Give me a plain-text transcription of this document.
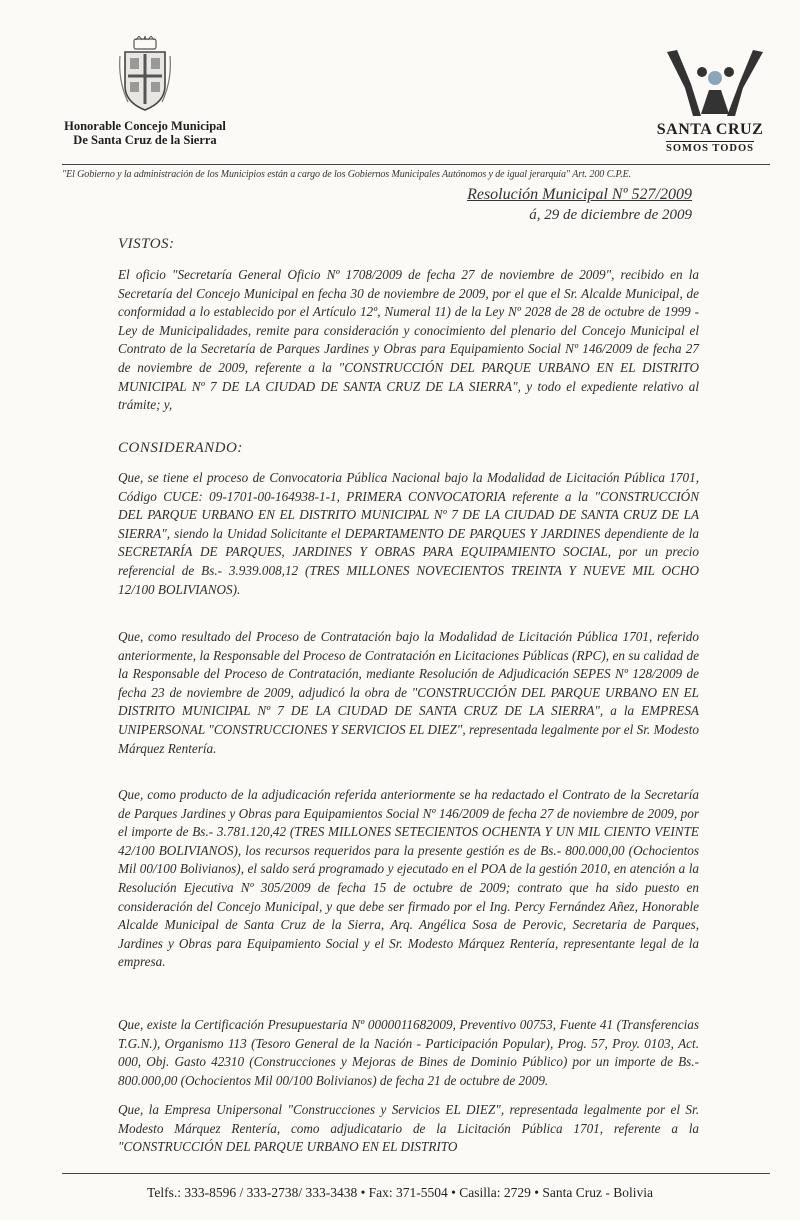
Honorable Concejo Municipal
De Santa Cruz de la Sierra
SANTA CRUZ
SOMOS TODOS
"El Gobierno y la administración de los Municipios están a cargo de los Gobiernos Municipales Autónomos y de igual jerarquía" Art. 200 C.P.E.
Resolución Municipal Nº 527/2009
á, 29 de diciembre de 2009
VISTOS:

El oficio "Secretaría General Oficio Nº 1708/2009 de fecha 27 de noviembre de 2009", recibido en la Secretaría del Concejo Municipal en fecha 30 de noviembre de 2009, por el que el Sr. Alcalde Municipal, de conformidad a lo establecido por el Artículo 12º, Numeral 11) de la Ley Nº 2028 de 28 de octubre de 1999 - Ley de Municipalidades, remite para consideración y conocimiento del plenario del Concejo Municipal el Contrato de la Secretaría de Parques Jardines y Obras para Equipamiento Social Nº 146/2009 de fecha 27 de noviembre de 2009, referente a la "CONSTRUCCIÓN DEL PARQUE URBANO EN EL DISTRITO MUNICIPAL Nº 7 DE LA CIUDAD DE SANTA CRUZ DE LA SIERRA", y todo el expediente relativo al trámite; y,

CONSIDERANDO:

Que, se tiene el proceso de Convocatoria Pública Nacional bajo la Modalidad de Licitación Pública 1701, Código CUCE: 09-1701-00-164938-1-1, PRIMERA CONVOCATORIA referente a la "CONSTRUCCIÓN DEL PARQUE URBANO EN EL DISTRITO MUNICIPAL Nº 7 DE LA CIUDAD DE SANTA CRUZ DE LA SIERRA", siendo la Unidad Solicitante el DEPARTAMENTO DE PARQUES Y JARDINES dependiente de la SECRETARÍA DE PARQUES, JARDINES Y OBRAS PARA EQUIPAMIENTO SOCIAL, por un precio referencial de Bs.- 3.939.008,12 (TRES MILLONES NOVECIENTOS TREINTA Y NUEVE MIL OCHO 12/100 BOLIVIANOS).

Que, como resultado del Proceso de Contratación bajo la Modalidad de Licitación Pública 1701, referido anteriormente, la Responsable del Proceso de Contratación en Licitaciones Públicas (RPC), en su calidad de la Responsable del Proceso de Contratación, mediante Resolución de Adjudicación SEPES Nº 128/2009 de fecha 23 de noviembre de 2009, adjudicó la obra de "CONSTRUCCIÓN DEL PARQUE URBANO EN EL DISTRITO MUNICIPAL Nº 7 DE LA CIUDAD DE SANTA CRUZ DE LA SIERRA", a la EMPRESA UNIPERSONAL "CONSTRUCCIONES Y SERVICIOS EL DIEZ", representada legalmente por el Sr. Modesto Márquez Rentería.

Que, como producto de la adjudicación referida anteriormente se ha redactado el Contrato de la Secretaría de Parques Jardines y Obras para Equipamientos Social Nº 146/2009 de fecha 27 de noviembre de 2009, por el importe de Bs.- 3.781.120,42 (TRES MILLONES SETECIENTOS OCHENTA Y UN MIL CIENTO VEINTE 42/100 BOLIVIANOS), los recursos requeridos para la presente gestión es de Bs.- 800.000,00 (Ochocientos Mil 00/100 Bolivianos), el saldo será programado y ejecutado en el POA de la gestión 2010, en atención a la Resolución Ejecutiva Nº 305/2009 de fecha 15 de octubre de 2009; contrato que ha sido puesto en consideración del Concejo Municipal, y que debe ser firmado por el Ing. Percy Fernández Añez, Honorable Alcalde Municipal de Santa Cruz de la Sierra, Arq. Angélica Sosa de Perovic, Secretaria de Parques, Jardines y Obras para Equipamiento Social y el Sr. Modesto Márquez Rentería, representante legal de la empresa.

Que, existe la Certificación Presupuestaria Nº 0000011682009, Preventivo 00753, Fuente 41 (Transferencias T.G.N.), Organismo 113 (Tesoro General de la Nación - Participación Popular), Prog. 57, Proy. 0103, Act. 000, Obj. Gasto 42310 (Construcciones y Mejoras de Bines de Dominio Público) por un importe de Bs.- 800.000,00 (Ochocientos Mil 00/100 Bolivianos) de fecha 21 de octubre de 2009.

Que, la Empresa Unipersonal "Construcciones y Servicios EL DIEZ", representada legalmente por el Sr. Modesto Márquez Rentería, como adjudicatario de la Licitación Pública 1701, referente a la "CONSTRUCCIÓN DEL PARQUE URBANO EN EL DISTRITO

Telfs.: 333-8596 / 333-2738/ 333-3438 • Fax: 371-5504 • Casilla: 2729 • Santa Cruz - Bolivia
